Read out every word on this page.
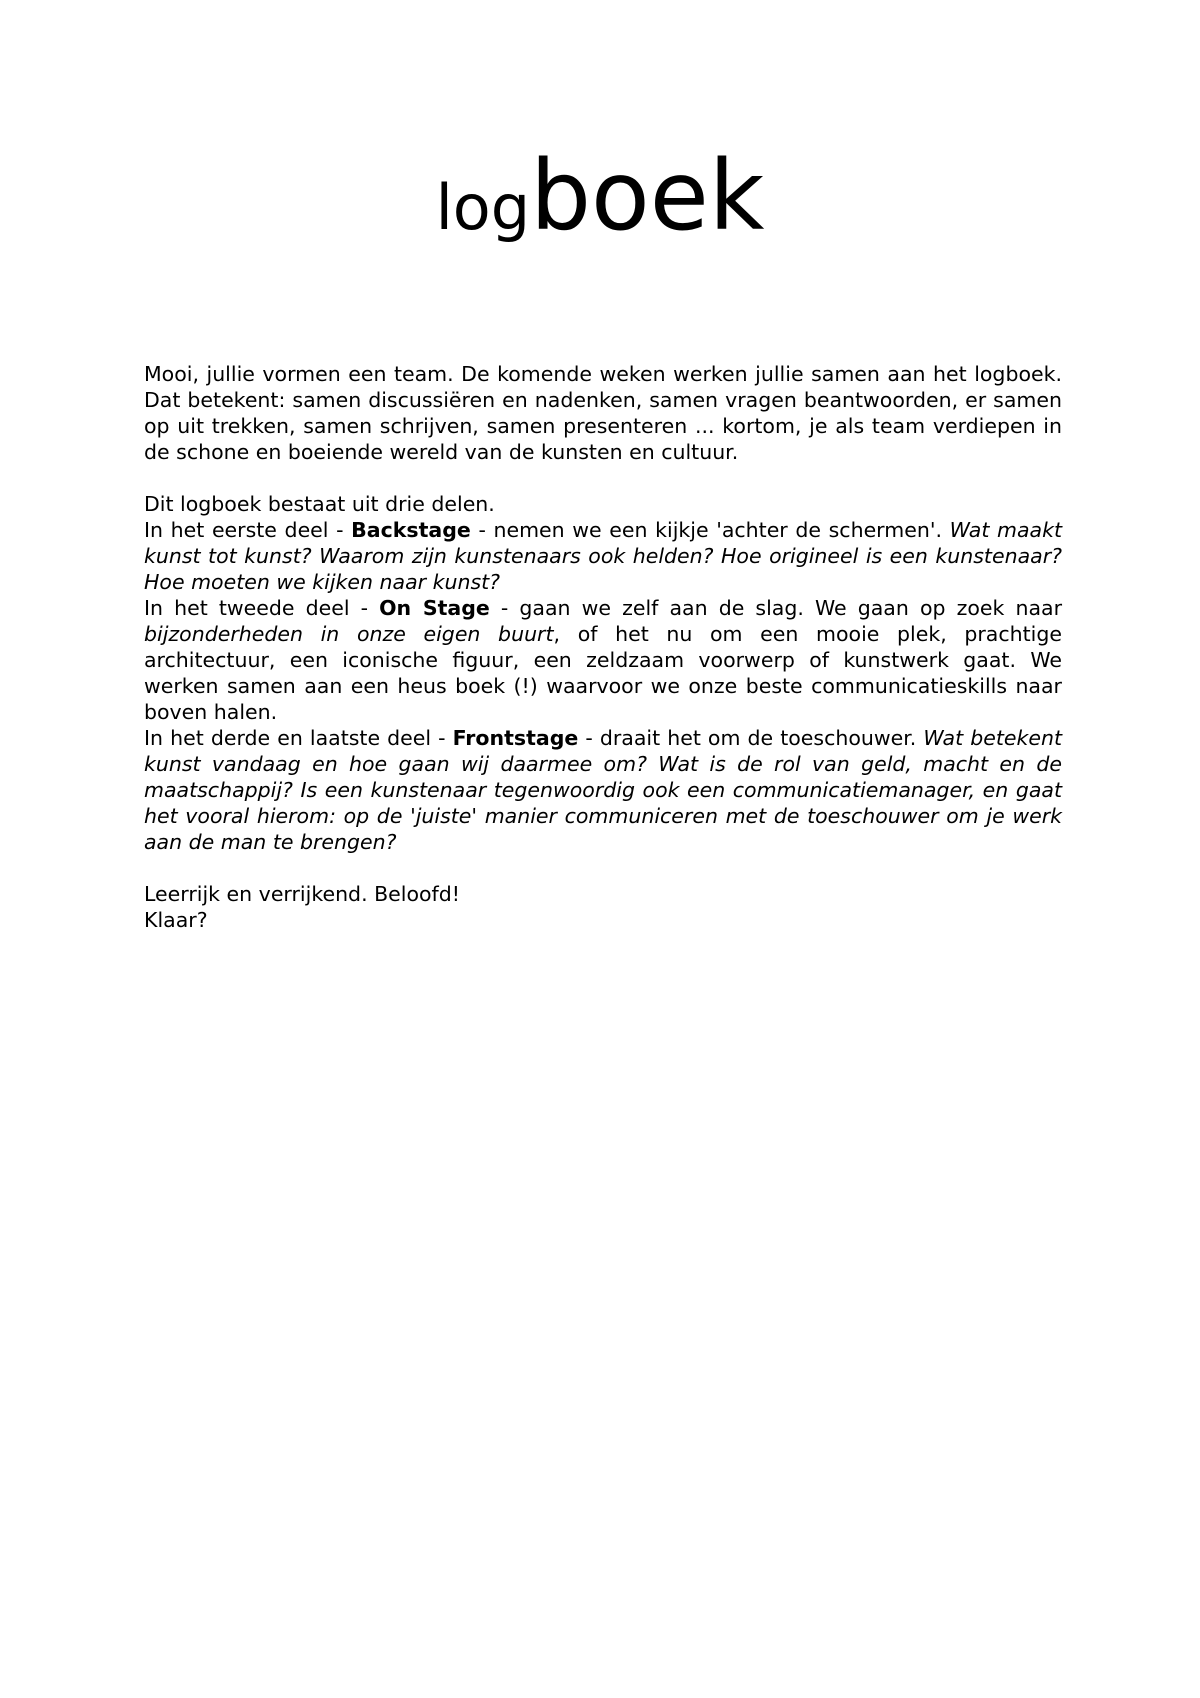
logboek

Mooi, jullie vormen een team. De komende weken werken jullie samen aan het logboek. Dat betekent: samen discussiëren en nadenken, samen vragen beantwoorden, er samen op uit trekken, samen schrijven, samen presenteren ... kortom, je als team verdiepen in de schone en boeiende wereld van de kunsten en cultuur.

Dit logboek bestaat uit drie delen.

In het eerste deel - Backstage - nemen we een kijkje 'achter de schermen'. Wat maakt kunst tot kunst? Waarom zijn kunstenaars ook helden? Hoe origineel is een kunstenaar? Hoe moeten we kijken naar kunst?

In het tweede deel - On Stage - gaan we zelf aan de slag. We gaan op zoek naar bijzonderheden in onze eigen buurt, of het nu om een mooie plek, prachtige architectuur, een iconische figuur, een zeldzaam voorwerp of kunstwerk gaat. We werken samen aan een heus boek (!) waarvoor we onze beste communicatieskills naar boven halen.

In het derde en laatste deel - Frontstage - draait het om de toeschouwer. Wat betekent kunst vandaag en hoe gaan wij daarmee om? Wat is de rol van geld, macht en de maatschappij? Is een kunstenaar tegenwoordig ook een communicatiemanager, en gaat het vooral hierom: op de 'juiste' manier communiceren met de toeschouwer om je werk aan de man te brengen?

Leerrijk en verrijkend. Beloofd!

Klaar?
